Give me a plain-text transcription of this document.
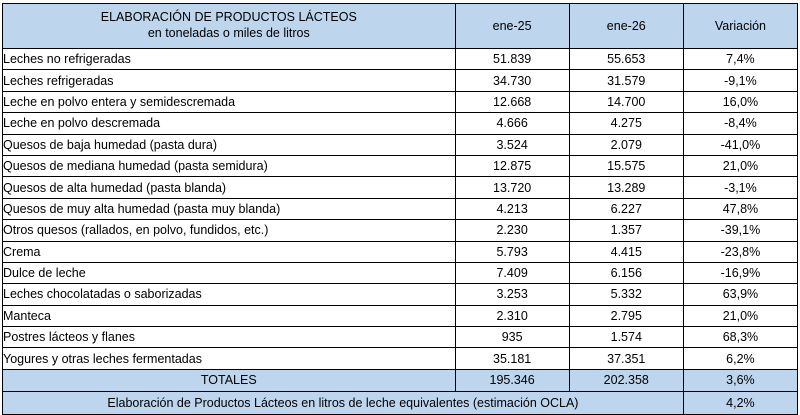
ELABORACIÓN DE PRODUCTOS LÁCTEOS
en toneladas o miles de litros	ene-25	ene-26	Variación
Leches no refrigeradas	51.839	55.653	7,4%
Leches refrigeradas	34.730	31.579	-9,1%
Leche en polvo entera y semidescremada	12.668	14.700	16,0%
Leche en polvo descremada	4.666	4.275	-8,4%
Quesos de baja humedad (pasta dura)	3.524	2.079	-41,0%
Quesos de mediana humedad (pasta semidura)	12.875	15.575	21,0%
Quesos de alta humedad (pasta blanda)	13.720	13.289	-3,1%
Quesos de muy alta humedad (pasta muy blanda)	4.213	6.227	47,8%
Otros quesos (rallados, en polvo, fundidos, etc.)	2.230	1.357	-39,1%
Crema	5.793	4.415	-23,8%
Dulce de leche	7.409	6.156	-16,9%
Leches chocolatadas o saborizadas	3.253	5.332	63,9%
Manteca	2.310	2.795	21,0%
Postres lácteos y flanes	935	1.574	68,3%
Yogures y otras leches fermentadas	35.181	37.351	6,2%
TOTALES	195.346	202.358	3,6%
Elaboración de Productos Lácteos en litros de leche equivalentes (estimación OCLA)			4,2%
